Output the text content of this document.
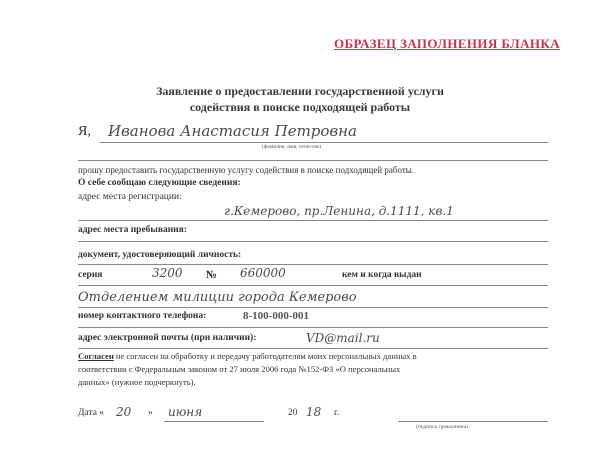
ОБРАЗЕЦ ЗАПОЛНЕНИЯ БЛАНКА
Заявление о предоставлении государственной услуги
содействия в поиске подходящей работы
Я, Иванова Анастасия Петровна
(фамилия, имя, отчество)
прошу предоставить государственную услугу содействия в поиске подходящей работы.
О себе сообщаю следующие сведения:
адрес места регистрации:
г.Кемерово, пр.Ленина, д.1111, кв.1
адрес места пребывания:
документ, удостоверяющий личность:
серия	3200 № 660000	кем и когда выдан
Отделением милиции города Кемерово
номер контактного телефона:	8-100-000-001
адрес электронной почты (при наличии):	VD@mail.ru
Согласен не согласен на обработку и передачу работодателям моих персональных данных в
соответствии с Федеральным законом от 27 июля 2006 года №152-ФЗ «О персональных
данных» (нужное подчеркнуть).
Дата « 20 » июня	20 18 г.
(подпись гражданина)
